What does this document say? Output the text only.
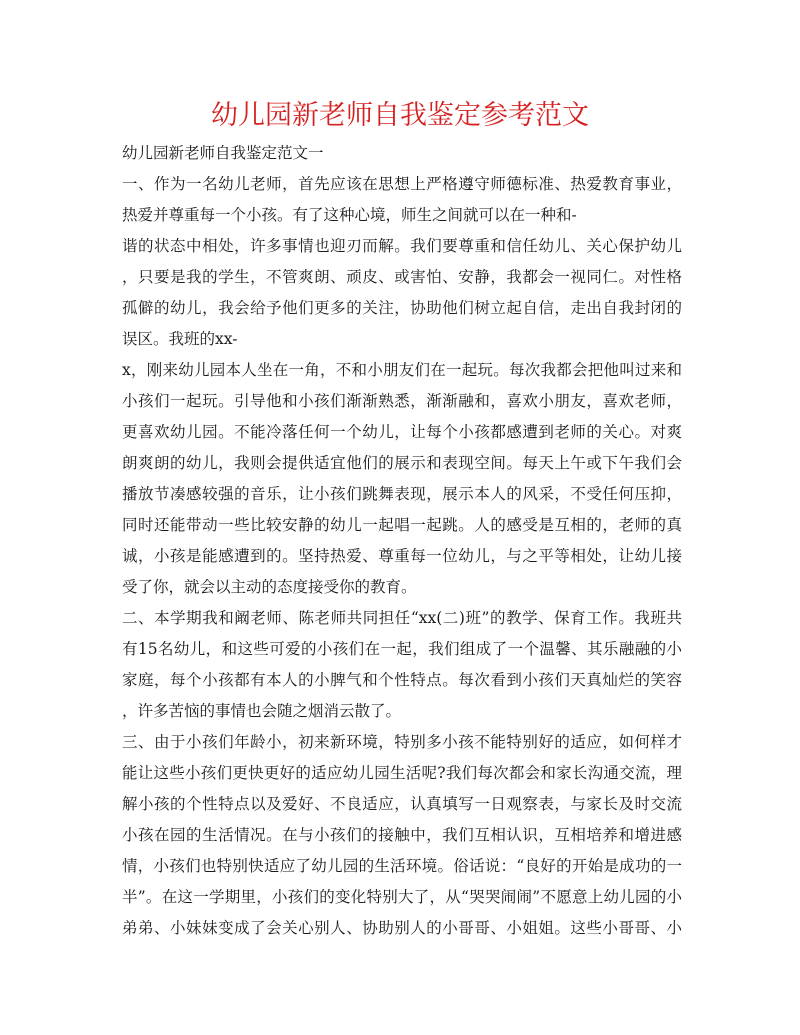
幼儿园新老师自我鉴定参考范文
幼儿园新老师自我鉴定范文一
一、作为一名幼儿老师，首先应该在思想上严格遵守师德标准、热爱教育事业，
热爱并尊重每一个小孩。有了这种心境，师生之间就可以在一种和-
谐的状态中相处，许多事情也迎刃而解。我们要尊重和信任幼儿、关心保护幼儿
，只要是我的学生，不管爽朗、顽皮、或害怕、安静，我都会一视同仁。对性格
孤僻的幼儿，我会给予他们更多的关注，协助他们树立起自信，走出自我封闭的
误区。我班的xx-
x，刚来幼儿园本人坐在一角，不和小朋友们在一起玩。每次我都会把他叫过来和
小孩们一起玩。引导他和小孩们渐渐熟悉，渐渐融和，喜欢小朋友，喜欢老师，
更喜欢幼儿园。不能冷落任何一个幼儿，让每个小孩都感遭到老师的关心。对爽
朗爽朗的幼儿，我则会提供适宜他们的展示和表现空间。每天上午或下午我们会
播放节凑感较强的音乐，让小孩们跳舞表现，展示本人的风采，不受任何压抑，
同时还能带动一些比较安静的幼儿一起唱一起跳。人的感受是互相的，老师的真
诚，小孩是能感遭到的。坚持热爱、尊重每一位幼儿，与之平等相处，让幼儿接
受了你，就会以主动的态度接受你的教育。
二、本学期我和阚老师、陈老师共同担任“xx(二)班”的教学、保育工作。我班共
有15名幼儿，和这些可爱的小孩们在一起，我们组成了一个温馨、其乐融融的小
家庭，每个小孩都有本人的小脾气和个性特点。每次看到小孩们天真灿烂的笑容
，许多苦恼的事情也会随之烟消云散了。
三、由于小孩们年龄小，初来新环境，特别多小孩不能特别好的适应，如何样才
能让这些小孩们更快更好的适应幼儿园生活呢?我们每次都会和家长沟通交流，理
解小孩的个性特点以及爱好、不良适应，认真填写一日观察表，与家长及时交流
小孩在园的生活情况。在与小孩们的接触中，我们互相认识，互相培养和增进感
情，小孩们也特别快适应了幼儿园的生活环境。俗话说：“良好的开始是成功的一
半”。在这一学期里，小孩们的变化特别大了，从“哭哭闹闹”不愿意上幼儿园的小
弟弟、小妹妹变成了会关心别人、协助别人的小哥哥、小姐姐。这些小哥哥、小
